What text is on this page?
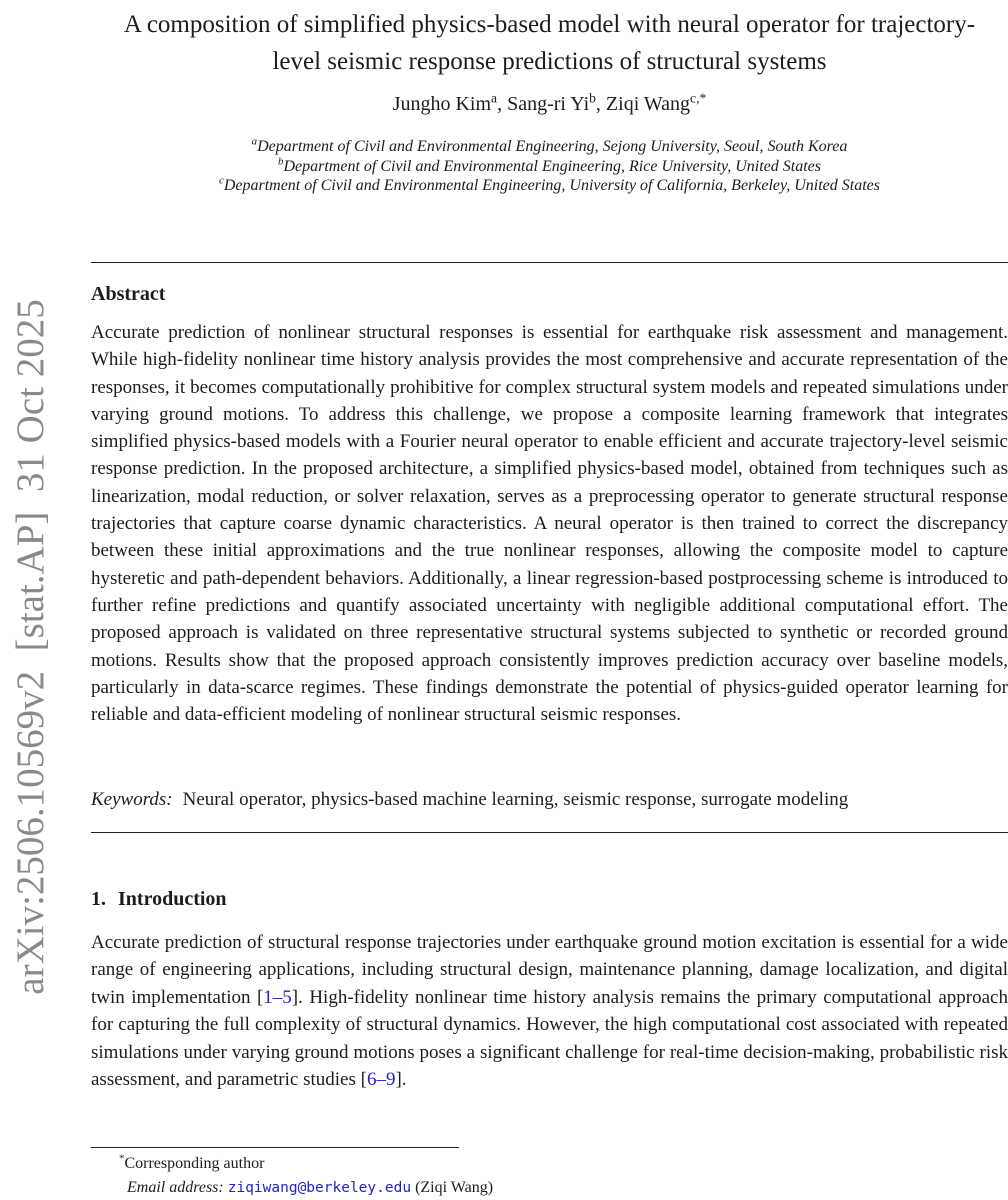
arXiv:2506.10569v2  [stat.AP]  31 Oct 2025
A composition of simplified physics-based model with neural operator for trajectory-level seismic response predictions of structural systems
Jungho Kim$^a$, Sang-ri Yi$^b$, Ziqi Wang$^{c,*}$
$^a$Department of Civil and Environmental Engineering, Sejong University, Seoul, South Korea
$^b$Department of Civil and Environmental Engineering, Rice University, United States
$^c$Department of Civil and Environmental Engineering, University of California, Berkeley, United States
Abstract

Accurate prediction of nonlinear structural responses is essential for earthquake risk assessment and management. While high-fidelity nonlinear time history analysis provides the most comprehensive and accurate representation of the responses, it becomes computationally prohibitive for complex structural system models and repeated simulations under varying ground motions. To address this challenge, we propose a composite learning framework that integrates simplified physics-based models with a Fourier neural operator to enable efficient and accurate trajectory-level seismic response prediction. In the proposed architecture, a simplified physics-based model, obtained from techniques such as linearization, modal reduction, or solver relaxation, serves as a preprocessing operator to generate structural response trajectories that capture coarse dynamic characteristics. A neural operator is then trained to correct the discrepancy between these initial approximations and the true nonlinear responses, allowing the composite model to capture hysteretic and path-dependent behaviors. Additionally, a linear regression-based postprocessing scheme is introduced to further refine predictions and quantify associated uncertainty with negligible additional computational effort. The proposed approach is validated on three representative structural systems subjected to synthetic or recorded ground motions. Results show that the proposed approach consistently improves prediction accuracy over baseline models, particularly in data-scarce regimes. These findings demonstrate the potential of physics-guided operator learning for reliable and data-efficient modeling of nonlinear structural seismic responses.

Keywords: Neural operator, physics-based machine learning, seismic response, surrogate modeling
1. Introduction

Accurate prediction of structural response trajectories under earthquake ground motion excitation is essential for a wide range of engineering applications, including structural design, maintenance planning, damage localization, and digital twin implementation [1–5]. High-fidelity nonlinear time history analysis remains the primary computational approach for capturing the full complexity of structural dynamics. However, the high computational cost associated with repeated simulations under varying ground motions poses a significant challenge for real-time decision-making, probabilistic risk assessment, and parametric studies [6–9].

*Corresponding author
Email address: ziqiwang@berkeley.edu (Ziqi Wang)
